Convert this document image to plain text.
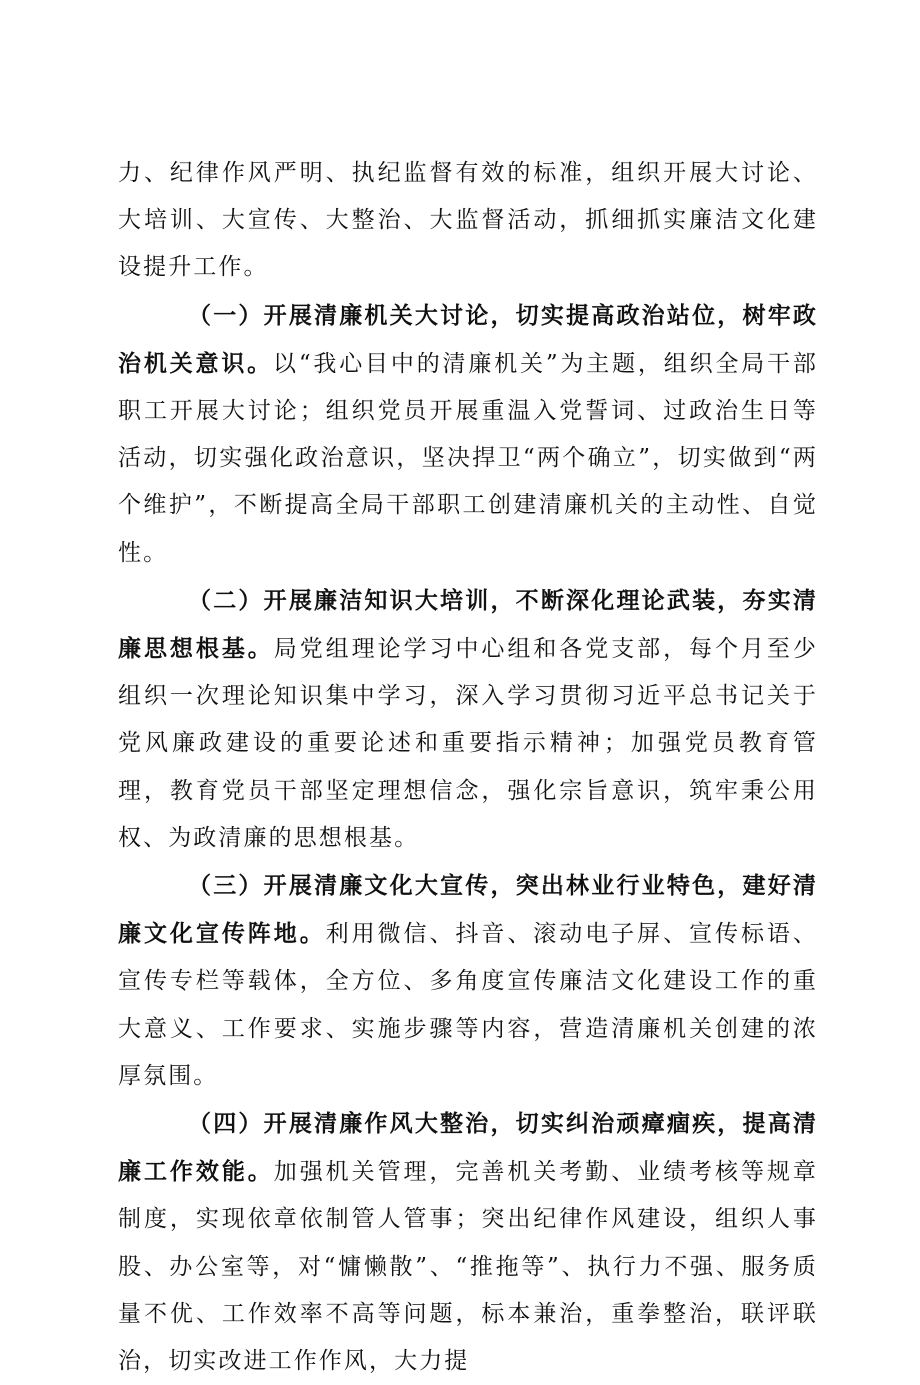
力、纪律作风严明、执纪监督有效的标准，组织开展大讨论、大培训、大宣传、大整治、大监督活动，抓细抓实廉洁文化建设提升工作。

（一）开展清廉机关大讨论，切实提高政治站位，树牢政治机关意识。以“我心目中的清廉机关”为主题，组织全局干部职工开展大讨论；组织党员开展重温入党誓词、过政治生日等活动，切实强化政治意识，坚决捍卫“两个确立”，切实做到“两个维护”，不断提高全局干部职工创建清廉机关的主动性、自觉性。

（二）开展廉洁知识大培训，不断深化理论武装，夯实清廉思想根基。局党组理论学习中心组和各党支部，每个月至少组织一次理论知识集中学习，深入学习贯彻习近平总书记关于党风廉政建设的重要论述和重要指示精神；加强党员教育管理，教育党员干部坚定理想信念，强化宗旨意识，筑牢秉公用权、为政清廉的思想根基。

（三）开展清廉文化大宣传，突出林业行业特色，建好清廉文化宣传阵地。利用微信、抖音、滚动电子屏、宣传标语、宣传专栏等载体，全方位、多角度宣传廉洁文化建设工作的重大意义、工作要求、实施步骤等内容，营造清廉机关创建的浓厚氛围。

（四）开展清廉作风大整治，切实纠治顽瘴痼疾，提高清廉工作效能。加强机关管理，完善机关考勤、业绩考核等规章制度，实现依章依制管人管事；突出纪律作风建设，组织人事股、办公室等，对“慵懒散”、“推拖等”、执行力不强、服务质量不优、工作效率不高等问题，标本兼治，重拳整治，联评联治，切实改进工作作风，大力提
